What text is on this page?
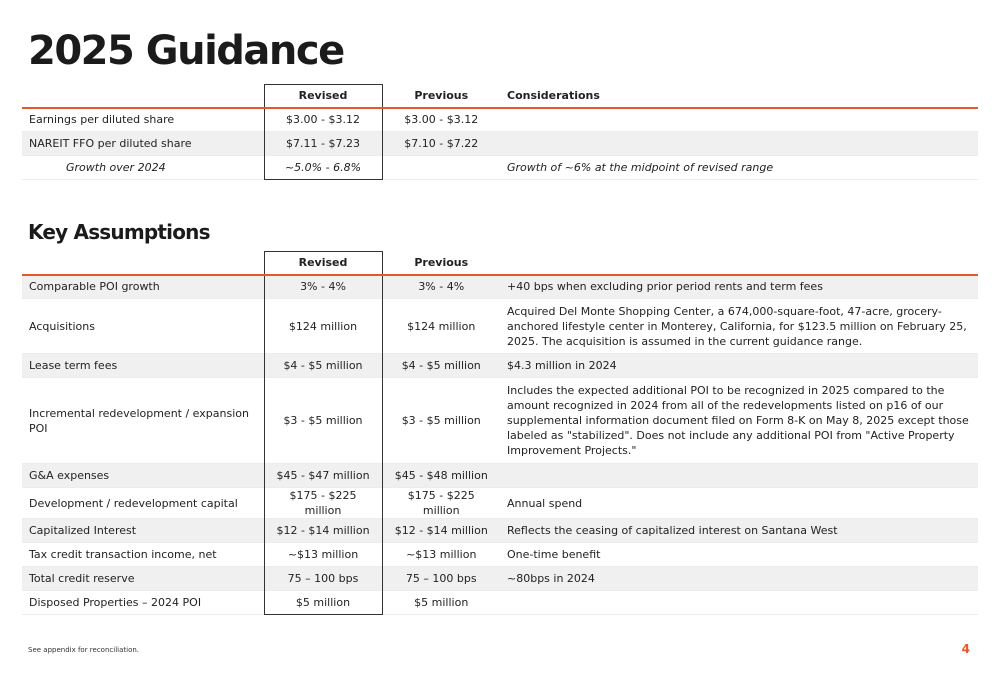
2025 Guidance
	Revised	Previous	Considerations
Earnings per diluted share	$3.00 - $3.12	$3.00 - $3.12	
NAREIT FFO per diluted share	$7.11 - $7.23	$7.10 - $7.22	
Growth over 2024	~5.0% - 6.8%		Growth of ~6% at the midpoint of revised range
Key Assumptions
	Revised	Previous	
Comparable POI growth	3% - 4%	3% - 4%	+40 bps when excluding prior period rents and term fees
Acquisitions	$124 million	$124 million	Acquired Del Monte Shopping Center, a 674,000-square-foot, 47-acre, grocery-anchored lifestyle center in Monterey, California, for $123.5 million on February 25, 2025. The acquisition is assumed in the current guidance range.
Lease term fees	$4 - $5 million	$4 - $5 million	$4.3 million in 2024
Incremental redevelopment / expansion POI	$3 - $5 million	$3 - $5 million	Includes the expected additional POI to be recognized in 2025 compared to the amount recognized in 2024 from all of the redevelopments listed on p16 of our supplemental information document filed on Form 8-K on May 8, 2025 except those labeled as "stabilized". Does not include any additional POI from "Active Property Improvement Projects."
G&A expenses	$45 - $47 million	$45 - $48 million	
Development / redevelopment capital	$175 - $225 million	$175 - $225 million	Annual spend
Capitalized Interest	$12 - $14 million	$12 - $14 million	Reflects the ceasing of capitalized interest on Santana West
Tax credit transaction income, net	~$13 million	~$13 million	One-time benefit
Total credit reserve	75 – 100 bps	75 – 100 bps	~80bps in 2024
Disposed Properties – 2024 POI	$5 million	$5 million	
See appendix for reconciliation.	4
